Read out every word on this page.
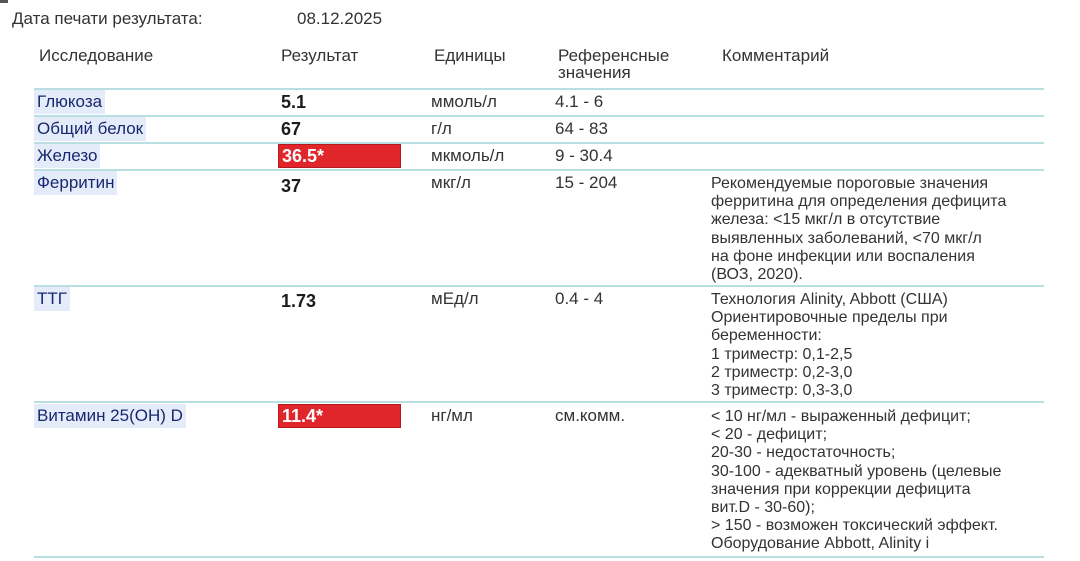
Дата печати результата:	08.12.2025
Исследование	Результат	Единицы	Референсные
значения
Комментарий
Глюкоза	5.1	ммоль/л	4.1 - 6
Общий белок	67	г/л	64 - 83
Железо	36.5*	мкмоль/л	9 - 30.4
Ферритин	37	мкг/л	15 - 204	Рекомендуемые пороговые значения
ферритина для определения дефицита
железа: <15 мкг/л в отсутствие
выявленных заболеваний, <70 мкг/л
на фоне инфекции или воспаления
(ВОЗ, 2020).
ТТГ	1.73	мЕд/л	0.4 - 4	Технология Alinity, Abbott (США)
Ориентировочные пределы при
беременности:
1 триместр: 0,1-2,5
2 триместр: 0,2-3,0
3 триместр: 0,3-3,0
Витамин 25(OH) D	11.4*	нг/мл	см.комм.	< 10 нг/мл - выраженный дефицит;
< 20 - дефицит;
20-30 - недостаточность;
30-100 - адекватный уровень (целевые
значения при коррекции дефицита
вит.D - 30-60);
> 150 - возможен токсический эффект.
Оборудование Abbott, Alinity i
